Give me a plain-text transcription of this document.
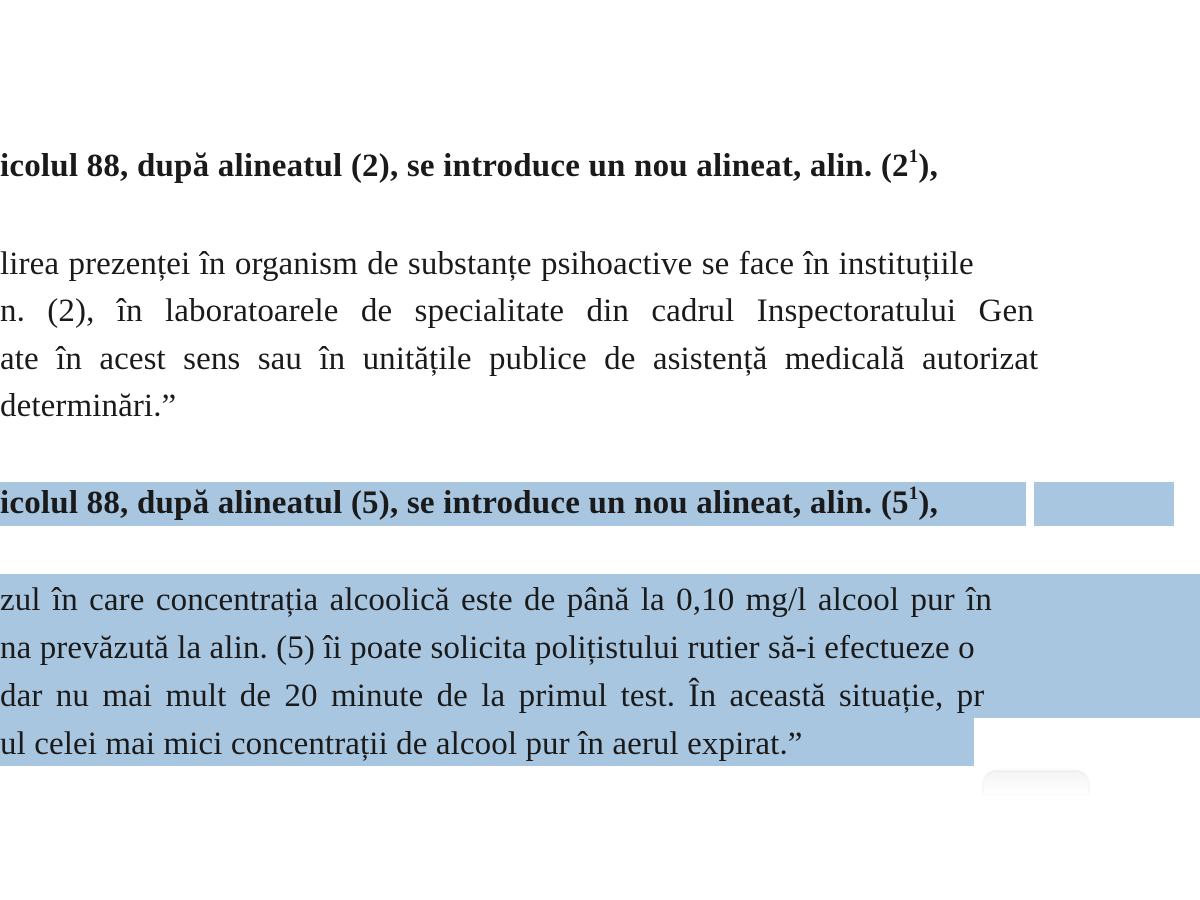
icolul 88, după alineatul (2), se introduce un nou alineat, alin. $(2^1)$,
lirea prezenței în organism de substanțe psihoactive se face în instituțiile
n. (2), în laboratoarele de specialitate din cadrul Inspectoratului Gen
ate în acest sens sau în unitățile publice de asistență medicală autorizat
determinări.”
icolul 88, după alineatul (5), se introduce un nou alineat, alin. $(5^1)$,
zul în care concentrația alcoolică este de până la 0,10 mg/l alcool pur în
na prevăzută la alin. (5) îi poate solicita polițistului rutier să-i efectueze o
dar nu mai mult de 20 minute de la primul test. În această situație, pr
ul celei mai mici concentrații de alcool pur în aerul expirat.”
